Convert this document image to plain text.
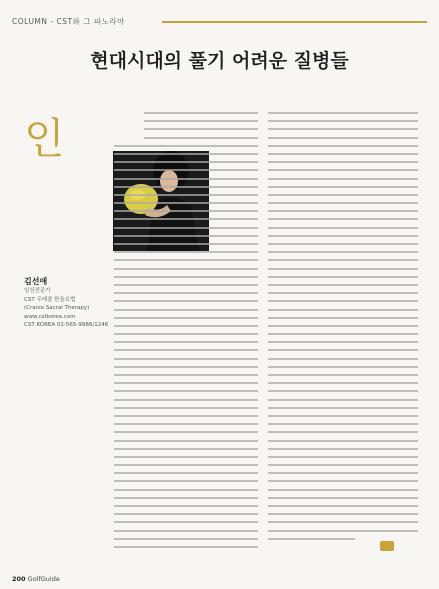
COLUMN - CST와 그 파노라마
현대시대의 풀기 어려운 질병들
인
김선애
임상전문가
CST 우레클 한울요법
(Cranio Sacral Therapy)
www.cstkorea.com
CST KOREA 02-565-9986/1246
200 GolfGuide
